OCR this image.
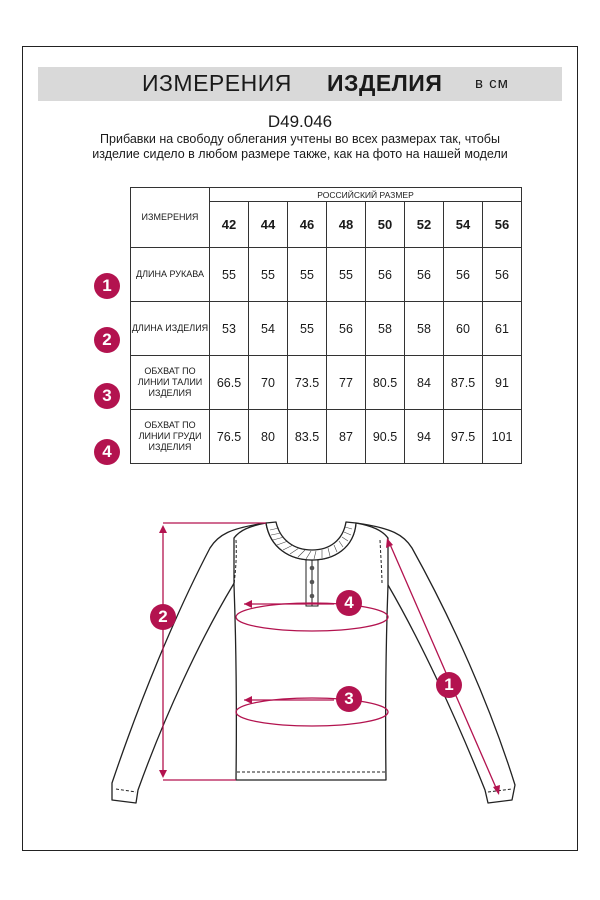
ИЗМЕРЕНИЯ ИЗДЕЛИЯ в см
D49.046
Прибавки на свободу облегания учтены во всех размерах так, чтобы изделие сидело в любом размере также, как на фото на нашей модели
ИЗМЕРЕНИЯ	РОССИЙСКИЙ РАЗМЕР							
	42	44	46	48	50	52	54	56
ДЛИНА РУКАВА	55	55	55	55	56	56	56	56
ДЛИНА ИЗДЕЛИЯ	53	54	55	56	58	58	60	61
ОБХВАТ ПО ЛИНИИ ТАЛИИ ИЗДЕЛИЯ	66.5	70	73.5	77	80.5	84	87.5	91
ОБХВАТ ПО ЛИНИИ ГРУДИ ИЗДЕЛИЯ	76.5	80	83.5	87	90.5	94	97.5	101
1
2
3
4
2
1
4
3
